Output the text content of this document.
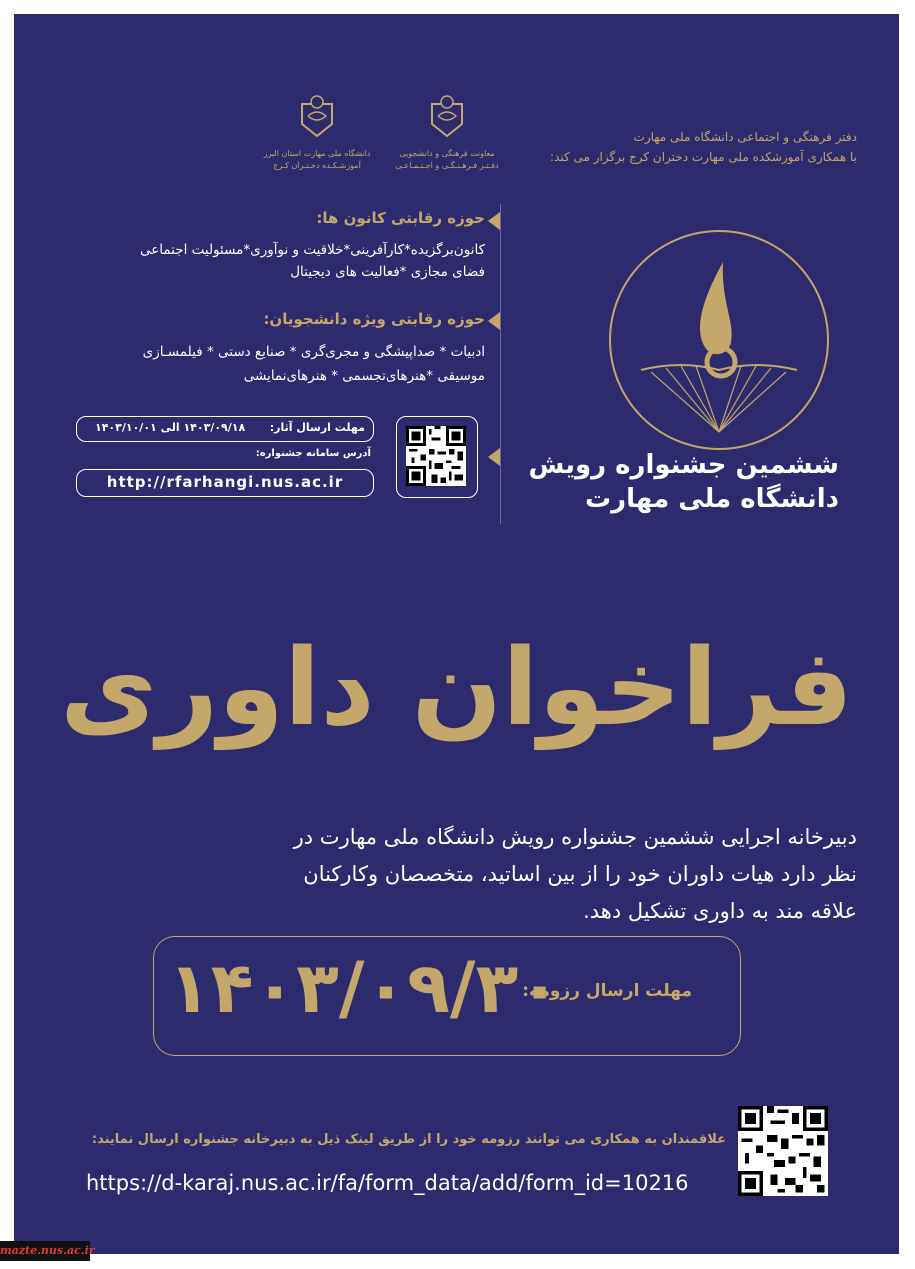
معاونت فرهنگی و دانشجویی
دفـتـر فـرهـنـگـی و اجـتـمـاعـی
دانشگاه ملی مهارت استان البرز
آموزشـکـده دخـتـران کـرج
دفتر فرهنگی و اجتماعی دانشگاه ملی مهارت
با همکاری آموزشکده ملی مهارت دختران کرج برگزار می کند:
حوزه رقابتی کانون ها:
کانون‌برگزیده*کارآفرینی*خلاقیت و نوآوری*مسئولیت اجتماعی
فضای مجازی *فعالیت های دیجیتال
حوزه رقابتی ویژه دانشجویان:
ادبیات * صداپیشگی و مجری‌گری * صنایع دستی * فیلمسـازی
موسیقی *هنرهای‌تجسمی * هنرهای‌نمایشی
مهلت ارسال آثار:
۱۴۰۳/۰۹/۱۸ الی ۱۴۰۳/۱۰/۰۱
آدرس سامانه جشنواره:
http://rfarhangi.nus.ac.ir
ششمین جشنواره رویش
دانشگاه ملی مهارت
فراخوان داوری
دبیرخانه اجرایی ششمین جشنواره رویش دانشگاه ملی مهارت در
نظر دارد هیات داوران خود را از بین اساتید، متخصصان وکارکنان
علاقه مند به داوری تشکیل دهد.
مهلت ارسال رزومه:
۱۴۰۳/۰۹/۳۰
علاقمندان به همکاری می توانند رزومه خود را از طریق لینک ذیل به دبیرخانه جشنواره ارسال نمایند:
https://d-karaj.nus.ac.ir/fa/form_data/add/form_id=10216
mazte.nus.ac.ir
